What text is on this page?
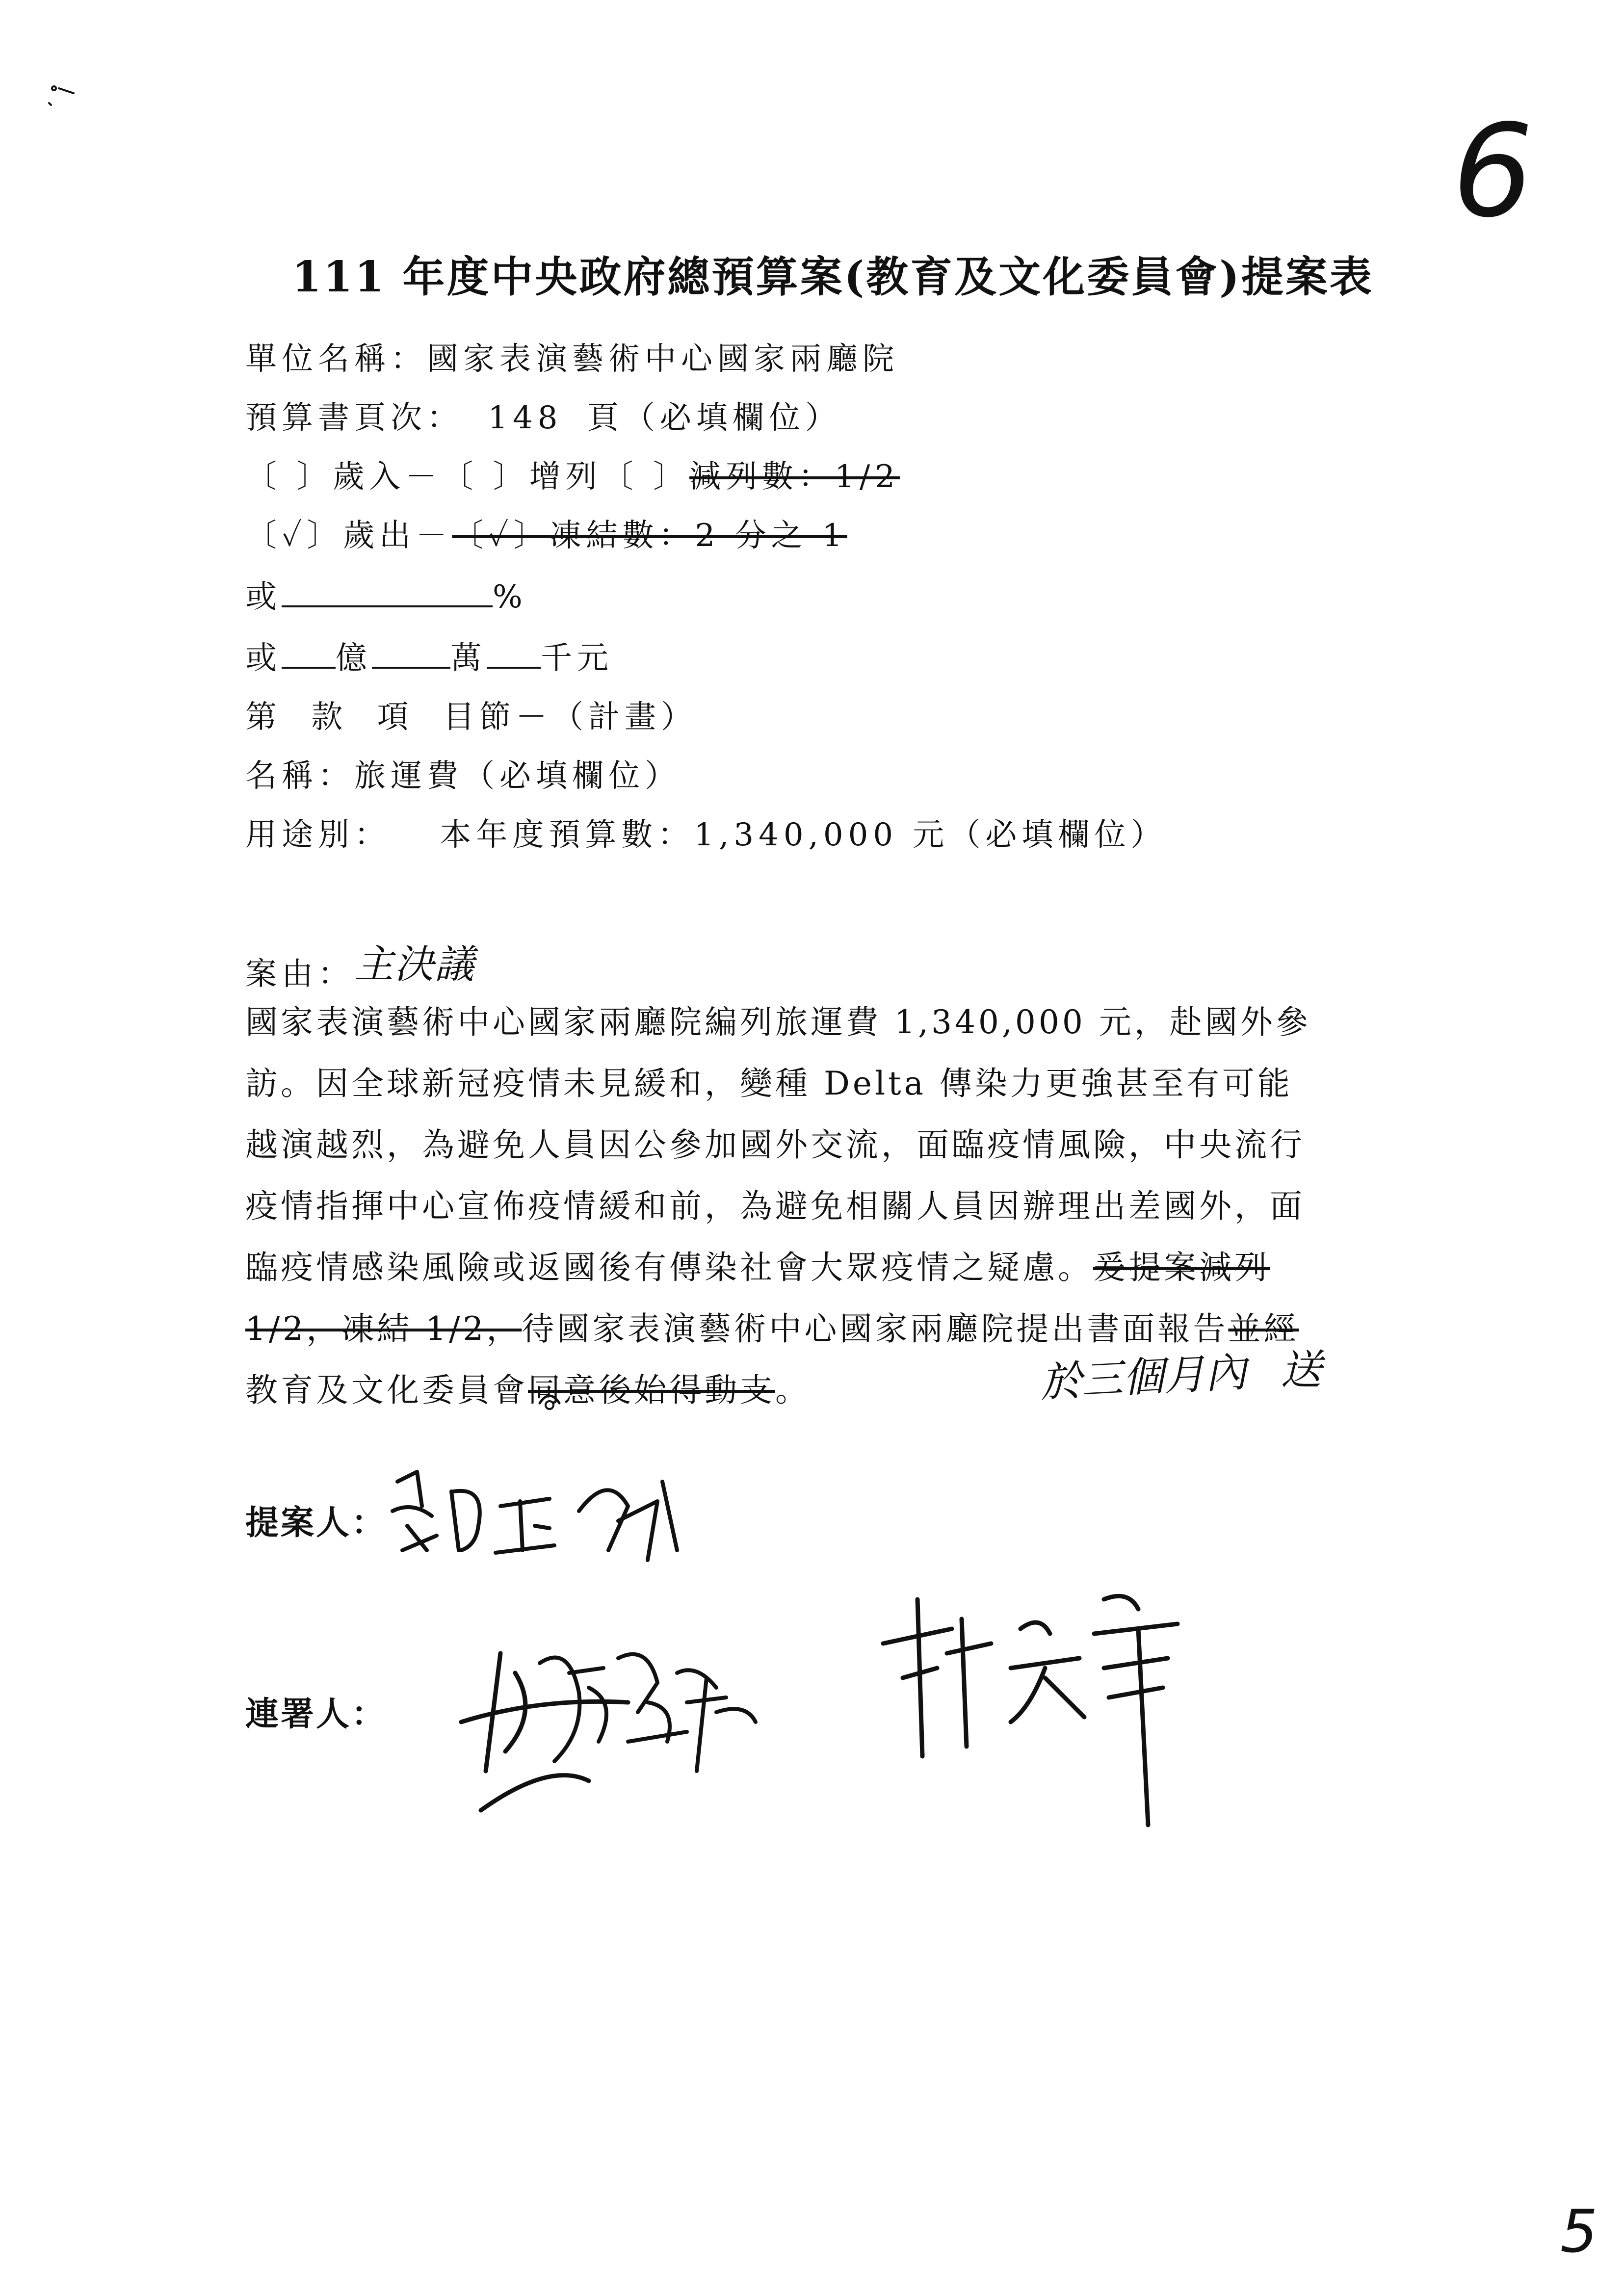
6
111 年度中央政府總預算案(教育及文化委員會)提案表
單位名稱：國家表演藝術中心國家兩廳院
預算書頁次： 148 頁（必填欄位）
〔 〕歲入－〔 〕增列〔 〕減列數：1/2
〔✓〕歲出－〔✓〕凍結數：2 分之 1
或	%
或 億	萬 千元
第 款 項 目節－（計畫）
名稱：旅運費（必填欄位）
用途別： 本年度預算數：1,340,000 元（必填欄位）
案由：主決議
國家表演藝術中心國家兩廳院編列旅運費 1,340,000 元，赴國外參
訪。因全球新冠疫情未見緩和，變種 Delta 傳染力更強甚至有可能
越演越烈，為避免人員因公參加國外交流，面臨疫情風險，中央流行
疫情指揮中心宣佈疫情緩和前，為避免相關人員因辦理出差國外，面
臨疫情感染風險或返國後有傳染社會大眾疫情之疑慮。爰提案減列
1/2，凍結 1/2，待國家表演藝術中心國家兩廳院提出書面報告並經
教育及文化委員會同意後始得動支。	於三個月內 送
提案人：
連署人：
5
